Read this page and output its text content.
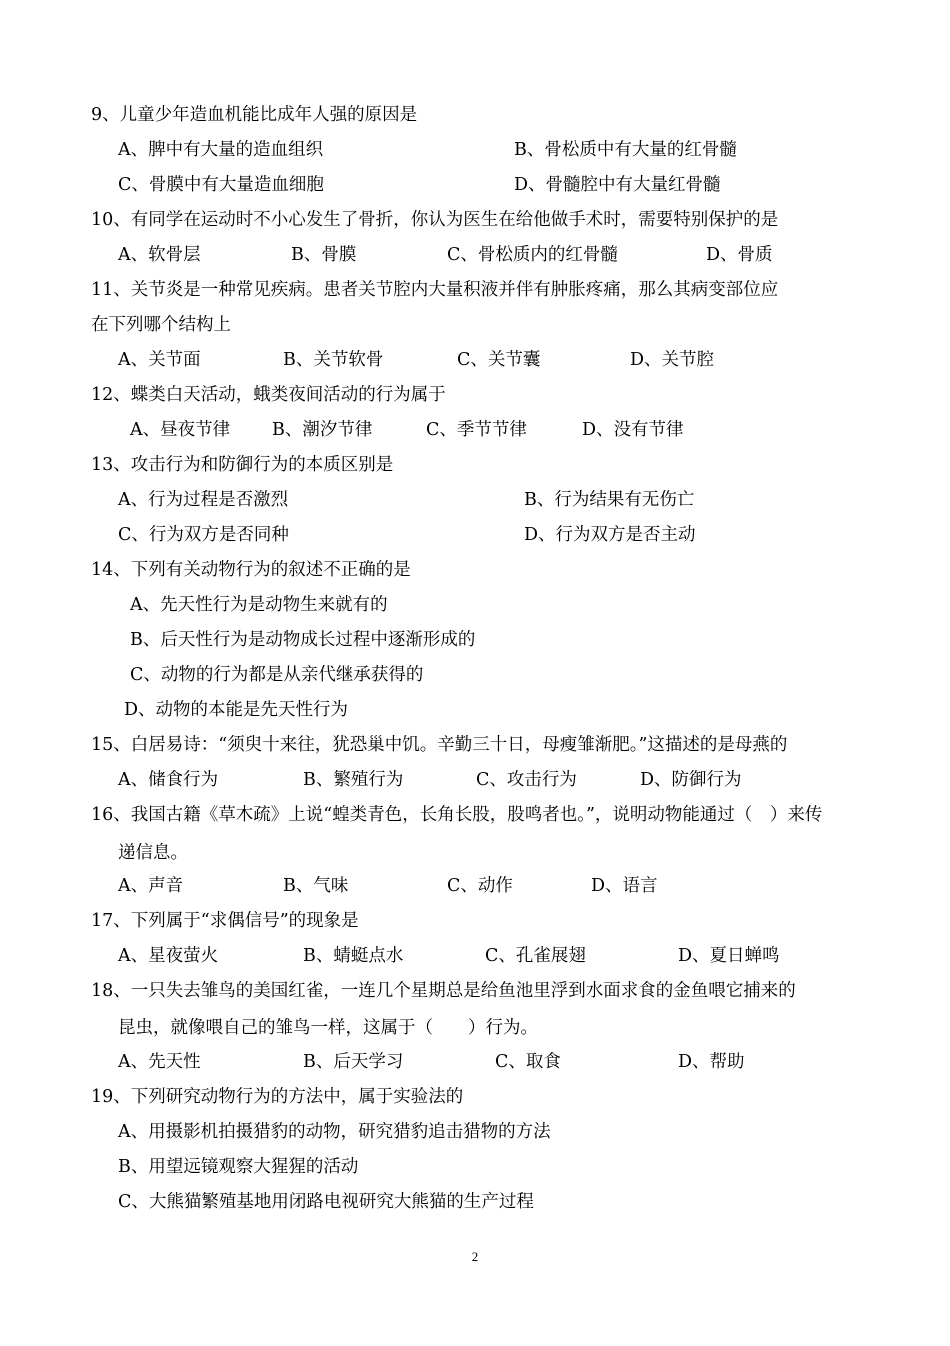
9、儿童少年造血机能比成年人强的原因是
A、脾中有大量的造血组织	B、骨松质中有大量的红骨髓
C、骨膜中有大量造血细胞	D、骨髓腔中有大量红骨髓
10、有同学在运动时不小心发生了骨折，你认为医生在给他做手术时，需要特别保护的是
A、软骨层	B、骨膜	C、骨松质内的红骨髓	D、骨质
11、关节炎是一种常见疾病。患者关节腔内大量积液并伴有肿胀疼痛，那么其病变部位应
在下列哪个结构上
A、关节面	B、关节软骨	C、关节囊	D、关节腔
12、蝶类白天活动，蛾类夜间活动的行为属于
A、昼夜节律 B、潮汐节律	C、季节节律	D、没有节律
13、攻击行为和防御行为的本质区别是
A、行为过程是否激烈	B、行为结果有无伤亡
C、行为双方是否同种	D、行为双方是否主动
14、下列有关动物行为的叙述不正确的是
A、先天性行为是动物生来就有的
B、后天性行为是动物成长过程中逐渐形成的
C、动物的行为都是从亲代继承获得的
D、动物的本能是先天性行为
15、白居易诗：“须臾十来往，犹恐巢中饥。辛勤三十日，母瘦雏渐肥。”这描述的是母燕的
A、储食行为	B、繁殖行为	C、攻击行为	D、防御行为
16、我国古籍《草木疏》上说“蝗类青色，长角长股，股鸣者也。”，说明动物能通过（　）来传
递信息。
A、声音	B、气味	C、动作	D、语言
17、下列属于“求偶信号”的现象是
A、星夜萤火	B、蜻蜓点水	C、孔雀展翅	D、夏日蝉鸣
18、一只失去雏鸟的美国红雀，一连几个星期总是给鱼池里浮到水面求食的金鱼喂它捕来的
昆虫，就像喂自己的雏鸟一样，这属于（　　）行为。
A、先天性	B、后天学习	C、取食	D、帮助
19、下列研究动物行为的方法中，属于实验法的
A、用摄影机拍摄猎豹的动物，研究猎豹追击猎物的方法
B、用望远镜观察大猩猩的活动
C、大熊猫繁殖基地用闭路电视研究大熊猫的生产过程
2
